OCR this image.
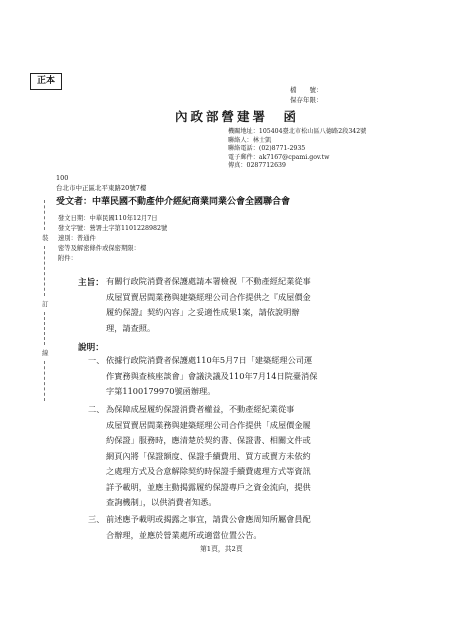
正本
檔　　號：
保存年限：
內政部營建署　函
機關地址：105404臺北市松山區八德路2段342號
聯絡人：林士凱
聯絡電話：(02)8771-2935
電子郵件：ak7167@cpami.gov.tw
傳真：0287712639
100
台北市中正區北平東路20號7樓
受文者：中華民國不動產仲介經紀商業同業公會全國聯合會
發文日期：中華民國110年12月7日
發文字號：營署土字第1101228982號
速別：普通件
密等及解密條件或保密期限：
附件：
裝
訂
線
主旨： 有關行政院消費者保護處請本署檢視「不動產經紀業從事
成屋買賣居間業務與建築經理公司合作提供之『成屋價金
履約保證』契約內容」之妥適性成果1案，請依說明辦
理，請查照。
說明：
一、 依據行政院消費者保護處110年5月7日「建築經理公司運
作實務與查核座談會」會議決議及110年7月14日院臺消保
字第1100179970號函辦理。
二、 為保障成屋履約保證消費者權益，不動產經紀業從事
成屋買賣居間業務與建築經理公司合作提供「成屋價金履
約保證」服務時，應清楚於契約書、保證書、相關文件或
網頁內將「保證額度、保證手續費用、買方或賣方未依約
之處理方式及合意解除契約時保證手續費處理方式等資訊
詳予載明，並應主動揭露履約保證專戶之資金流向，提供
查詢機制」，以供消費者知悉。
三、 前述應予載明或揭露之事宜，請貴公會應周知所屬會員配
合辦理，並應於營業處所或適當位置公告。
第1頁，共2頁
